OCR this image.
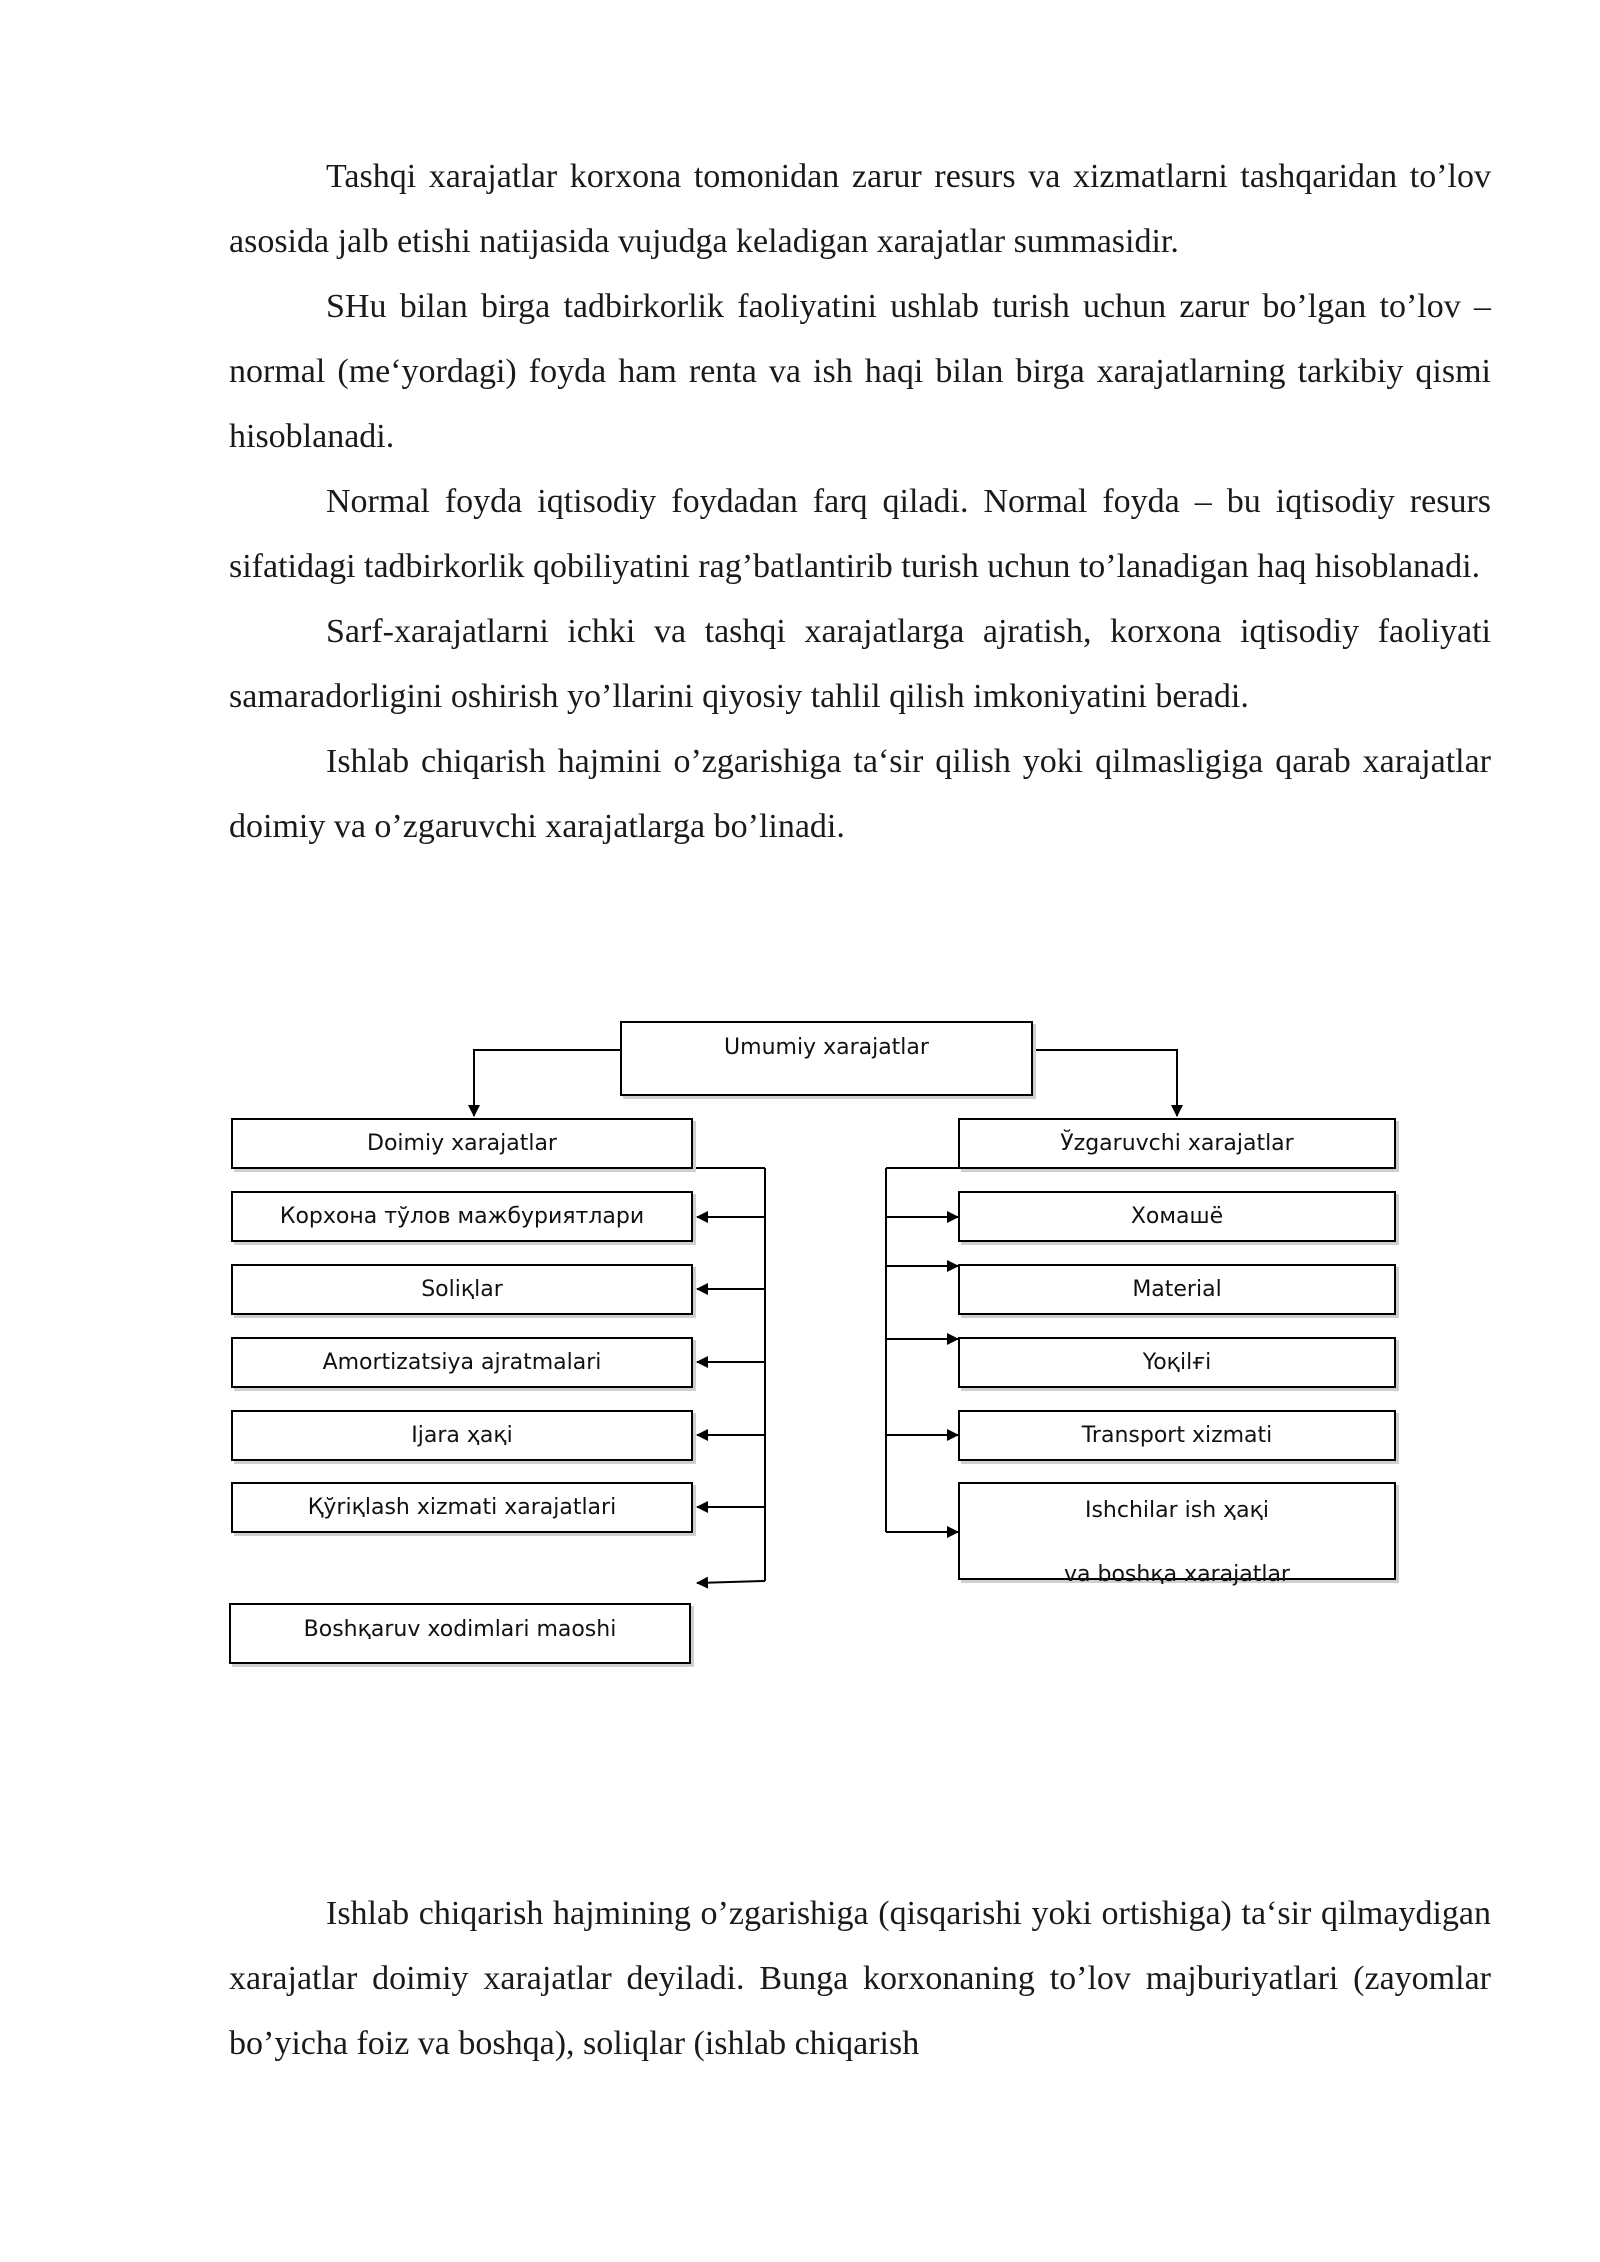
Tashqi xarajatlar korxona tomonidan zarur resurs va xizmatlarni tashqaridan to’lov asosida jalb etishi natijasida vujudga keladigan xarajatlar summasidir.

SHu bilan birga tadbirkorlik faoliyatini ushlab turish uchun zarur bo’lgan to’lov – normal (me‘yordagi) foyda ham renta va ish haqi bilan birga xarajatlarning tarkibiy qismi hisoblanadi.

Normal foyda iqtisodiy foydadan farq qiladi. Normal foyda – bu iqtisodiy resurs sifatidagi tadbirkorlik qobiliyatini rag’batlantirib turish uchun to’lanadigan haq hisoblanadi.

Sarf-xarajatlarni ichki va tashqi xarajatlarga ajratish, korxona iqtisodiy faoliyati samaradorligini oshirish yo’llarini qiyosiy tahlil qilish imkoniyatini beradi.

Ishlab chiqarish hajmini o’zgarishiga ta‘sir qilish yoki qilmasligiga qarab xarajatlar doimiy va o’zgaruvchi xarajatlarga bo’linadi.

Umumiy xarajatlar
Doimiy xarajatlar
Корхона тўлов мажбуриятлари
Soliқlar
Amortizatsiya ajratmalari
Ijara ҳaқi
Қўriқlash xizmati xarajatlari
Boshқaruv xodimlari maoshi
Ўzgaruvchi xarajatlar
Хомашё
Material
Yoқilғi
Transport xizmati
Ishchilar ish ҳaқi
va boshқa xarajatlar

Ishlab chiqarish hajmining o’zgarishiga (qisqarishi yoki ortishiga) ta‘sir qilmaydigan xarajatlar doimiy xarajatlar deyiladi. Bunga korxonaning to’lov majburiyatlari (zayomlar bo’yicha foiz va boshqa), soliqlar (ishlab chiqarish
